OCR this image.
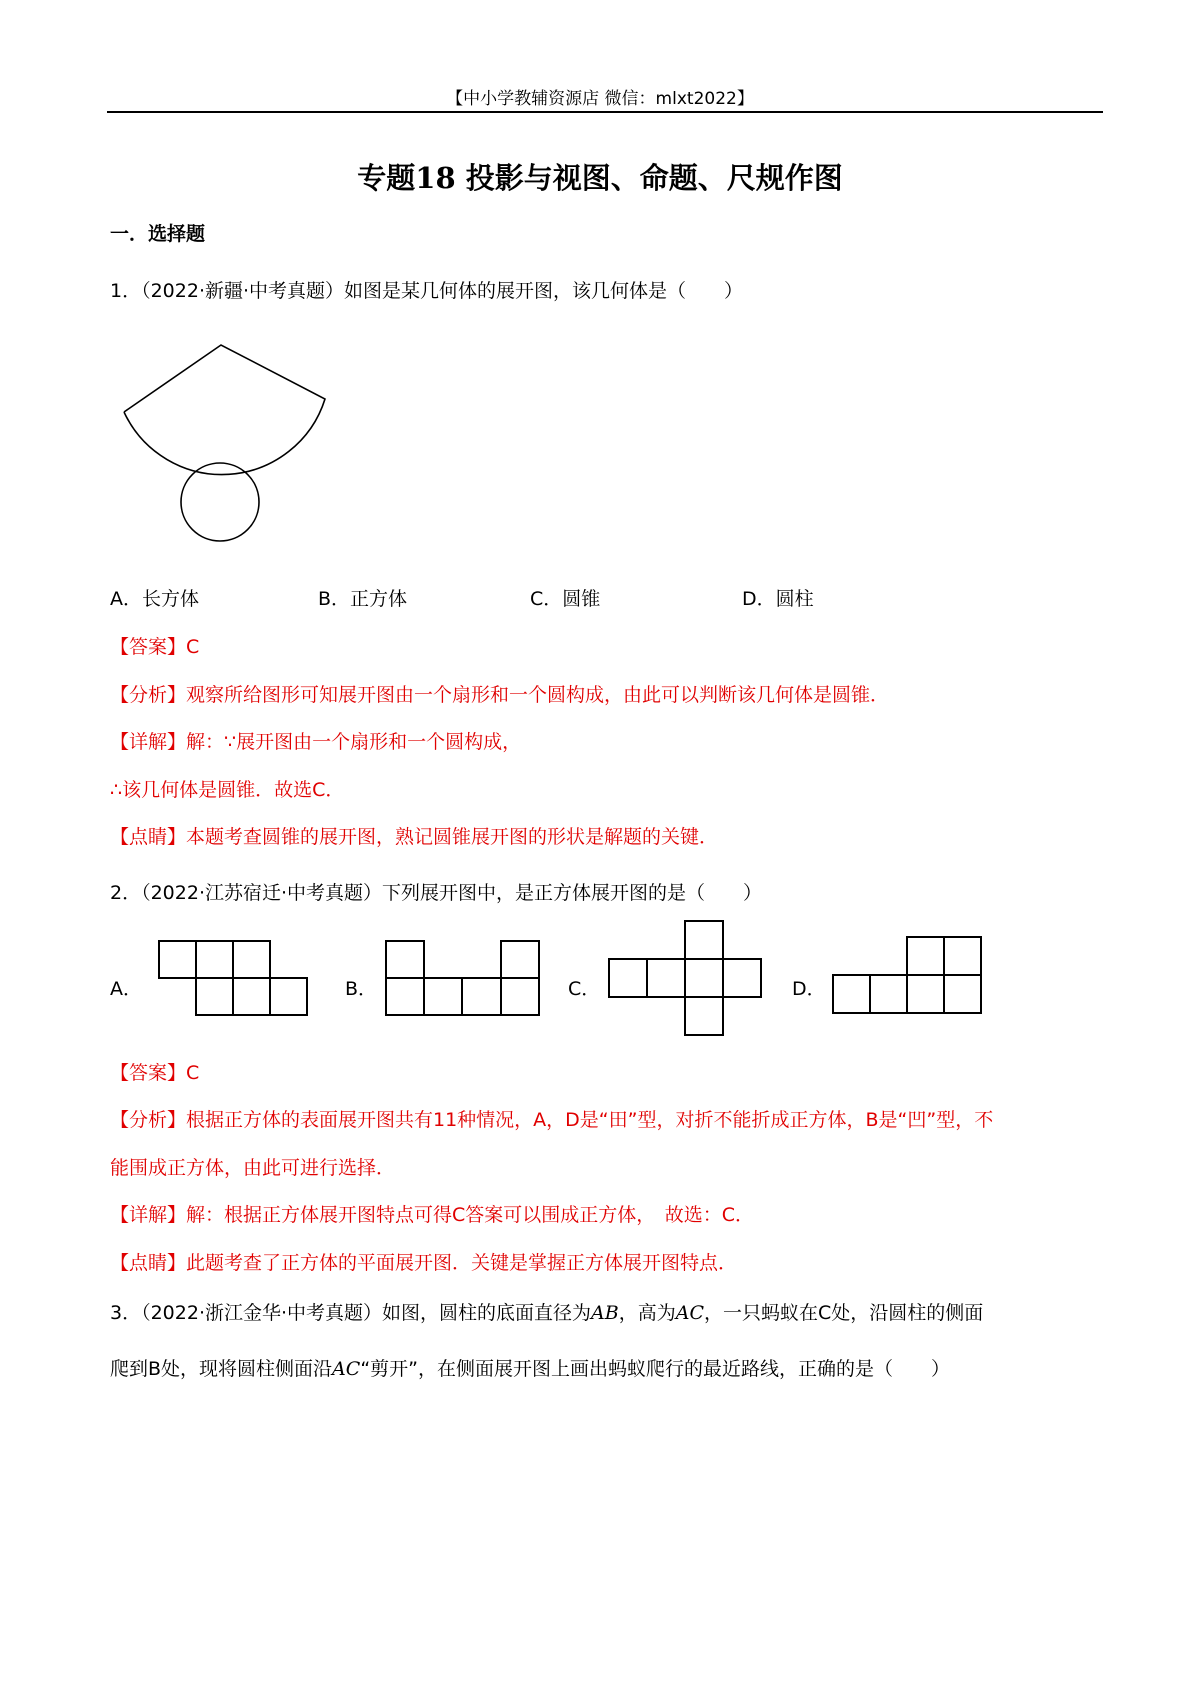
【中小学教辅资源店 微信：mlxt2022】
专题18 投影与视图、命题、尺规作图
一．选择题
1．（2022·新疆·中考真题）如图是某几何体的展开图，该几何体是（　　）
A．长方体	B．正方体	C．圆锥	D．圆柱
【答案】C
【分析】观察所给图形可知展开图由一个扇形和一个圆构成，由此可以判断该几何体是圆锥．
【详解】解：∵展开图由一个扇形和一个圆构成，
∴该几何体是圆锥．故选C．
【点睛】本题考查圆锥的展开图，熟记圆锥展开图的形状是解题的关键．
2．（2022·江苏宿迁·中考真题）下列展开图中，是正方体展开图的是（　　）
A．	B．	C．	D．
【答案】C
【分析】根据正方体的表面展开图共有11种情况，A，D是“田”型，对折不能折成正方体，B是“凹”型，不
能围成正方体，由此可进行选择．
【详解】解：根据正方体展开图特点可得C答案可以围成正方体，　故选：C．
【点睛】此题考查了正方体的平面展开图．关键是掌握正方体展开图特点．
3．（2022·浙江金华·中考真题）如图，圆柱的底面直径为AB，高为AC，一只蚂蚁在C处，沿圆柱的侧面
爬到B处，现将圆柱侧面沿AC“剪开”，在侧面展开图上画出蚂蚁爬行的最近路线，正确的是（　　）
